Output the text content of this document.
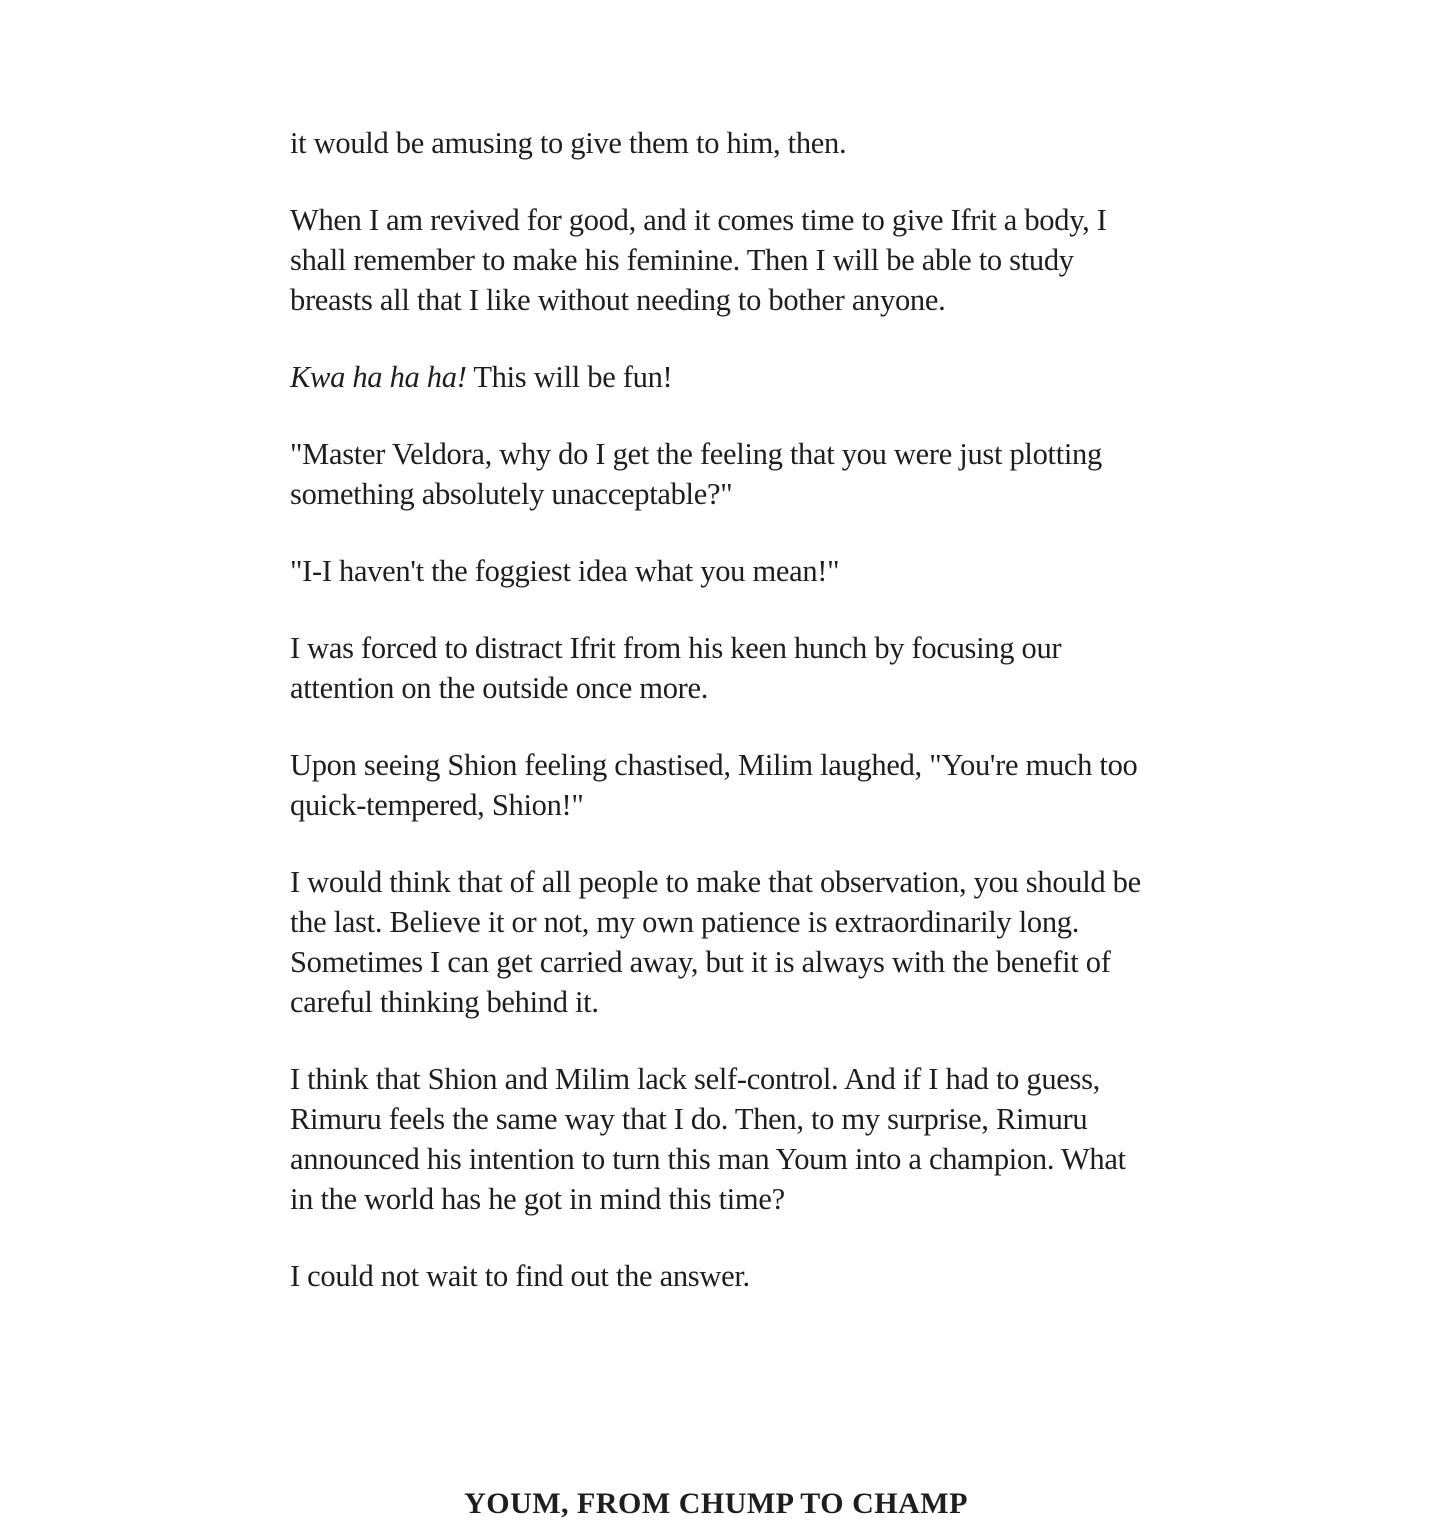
it would be amusing to give them to him, then.

When I am revived for good, and it comes time to give Ifrit a body, I shall remember to make his feminine. Then I will be able to study breasts all that I like without needing to bother anyone.

Kwa ha ha ha! This will be fun!

"Master Veldora, why do I get the feeling that you were just plotting something absolutely unacceptable?"

"I-I haven't the foggiest idea what you mean!"

I was forced to distract Ifrit from his keen hunch by focusing our attention on the outside once more.

Upon seeing Shion feeling chastised, Milim laughed, "You're much too quick-tempered, Shion!"

I would think that of all people to make that observation, you should be the last. Believe it or not, my own patience is extraordinarily long. Sometimes I can get carried away, but it is always with the benefit of careful thinking behind it.

I think that Shion and Milim lack self-control. And if I had to guess, Rimuru feels the same way that I do. Then, to my surprise, Rimuru announced his intention to turn this man Youm into a champion. What in the world has he got in mind this time?

I could not wait to find out the answer.

YOUM, FROM CHUMP TO CHAMP
